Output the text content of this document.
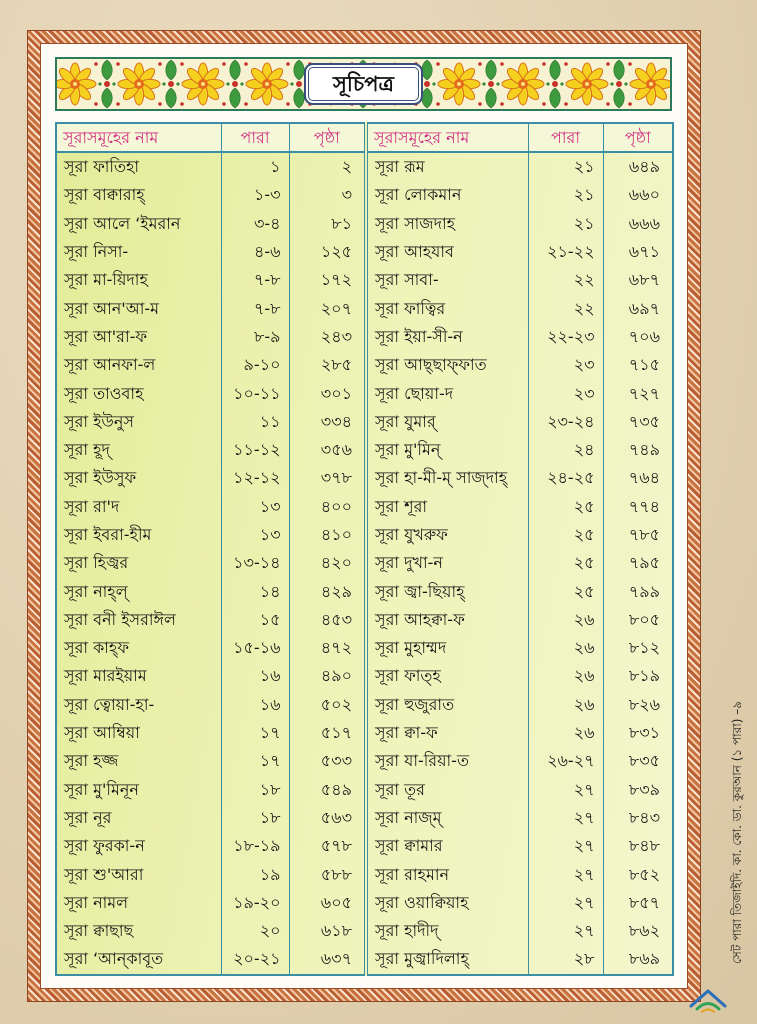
সূচিপত্র
সূরাসমূহের নাম	পারা	পৃষ্ঠা	সূরাসমূহের নাম	পারা	পৃষ্ঠা
সূরা ফাতিহা	১	২	সূরা রূম	২১	৬৪৯
সূরা বাক্বারাহ্	১-৩	৩	সূরা লোকমান	২১	৬৬০
সূরা আলে ‘ইমরান	৩-৪	৮১	সূরা সাজদাহ	২১	৬৬৬
সূরা নিসা-	৪-৬	১২৫	সূরা আহযাব	২১-২২	৬৭১
সূরা মা-য়িদাহ	৭-৮	১৭২	সূরা সাবা-	২২	৬৮৭
সূরা আন'আ-ম	৭-৮	২০৭	সূরা ফাত্বির	২২	৬৯৭
সূরা আ'রা-ফ	৮-৯	২৪৩	সূরা ইয়া-সী-ন	২২-২৩	৭০৬
সূরা আনফা-ল	৯-১০	২৮৫	সূরা আছ্ছাফ্ফাত	২৩	৭১৫
সূরা তাওবাহ	১০-১১	৩০১	সূরা ছোয়া-দ	২৩	৭২৭
সূরা ইউনুস	১১	৩৩৪	সূরা যুমার্	২৩-২৪	৭৩৫
সূরা হূদ্	১১-১২	৩৫৬	সূরা মু'মিন্	২৪	৭৪৯
সূরা ইউসুফ	১২-১২	৩৭৮	সূরা হা-মী-ম্ সাজ্দাহ্	২৪-২৫	৭৬৪
সূরা রা'দ	১৩	৪০০	সূরা শূরা	২৫	৭৭৪
সূরা ইবরা-হীম	১৩	৪১০	সূরা যুখরুফ	২৫	৭৮৫
সূরা হিজ্বর	১৩-১৪	৪২০	সূরা দুখা-ন	২৫	৭৯৫
সূরা নাহ্ল্	১৪	৪২৯	সূরা জ্বা-ছিয়াহ্	২৫	৭৯৯
সূরা বনী ইসরাঈল	১৫	৪৫৩	সূরা আহক্বা-ফ	২৬	৮০৫
সূরা কাহ্ফ	১৫-১৬	৪৭২	সূরা মুহাম্মদ	২৬	৮১২
সূরা মারইয়াম	১৬	৪৯০	সূরা ফাত্হ	২৬	৮১৯
সূরা ত্বোয়া-হা-	১৬	৫০২	সূরা হুজুরাত	২৬	৮২৬
সূরা আম্বিয়া	১৭	৫১৭	সূরা ক্বা-ফ	২৬	৮৩১
সূরা হজ্জ	১৭	৫৩৩	সূরা যা-রিয়া-ত	২৬-২৭	৮৩৫
সূরা মু'মিনূন	১৮	৫৪৯	সূরা তূর	২৭	৮৩৯
সূরা নূর	১৮	৫৬৩	সূরা নাজ্ম্	২৭	৮৪৩
সূরা ফুরকা-ন	১৮-১৯	৫৭৮	সূরা ক্বামার	২৭	৮৪৮
সূরা শু'আরা	১৯	৫৮৮	সূরা রাহমান	২৭	৮৫২
সূরা নামল	১৯-২০	৬০৫	সূরা ওয়াক্বিয়াহ	২৭	৮৫৭
সূরা ক্বাছাছ	২০	৬১৮	সূরা হাদীদ্	২৭	৮৬২
সূরা ‘আন্কাবূত	২০-২১	৬৩৭	সূরা মুজ্বাদিলাহ্	২৮	৮৬৯	সেট পারা তিজাইদি. কা. কো. ডা. কুরআন (১ পারা) –৯
